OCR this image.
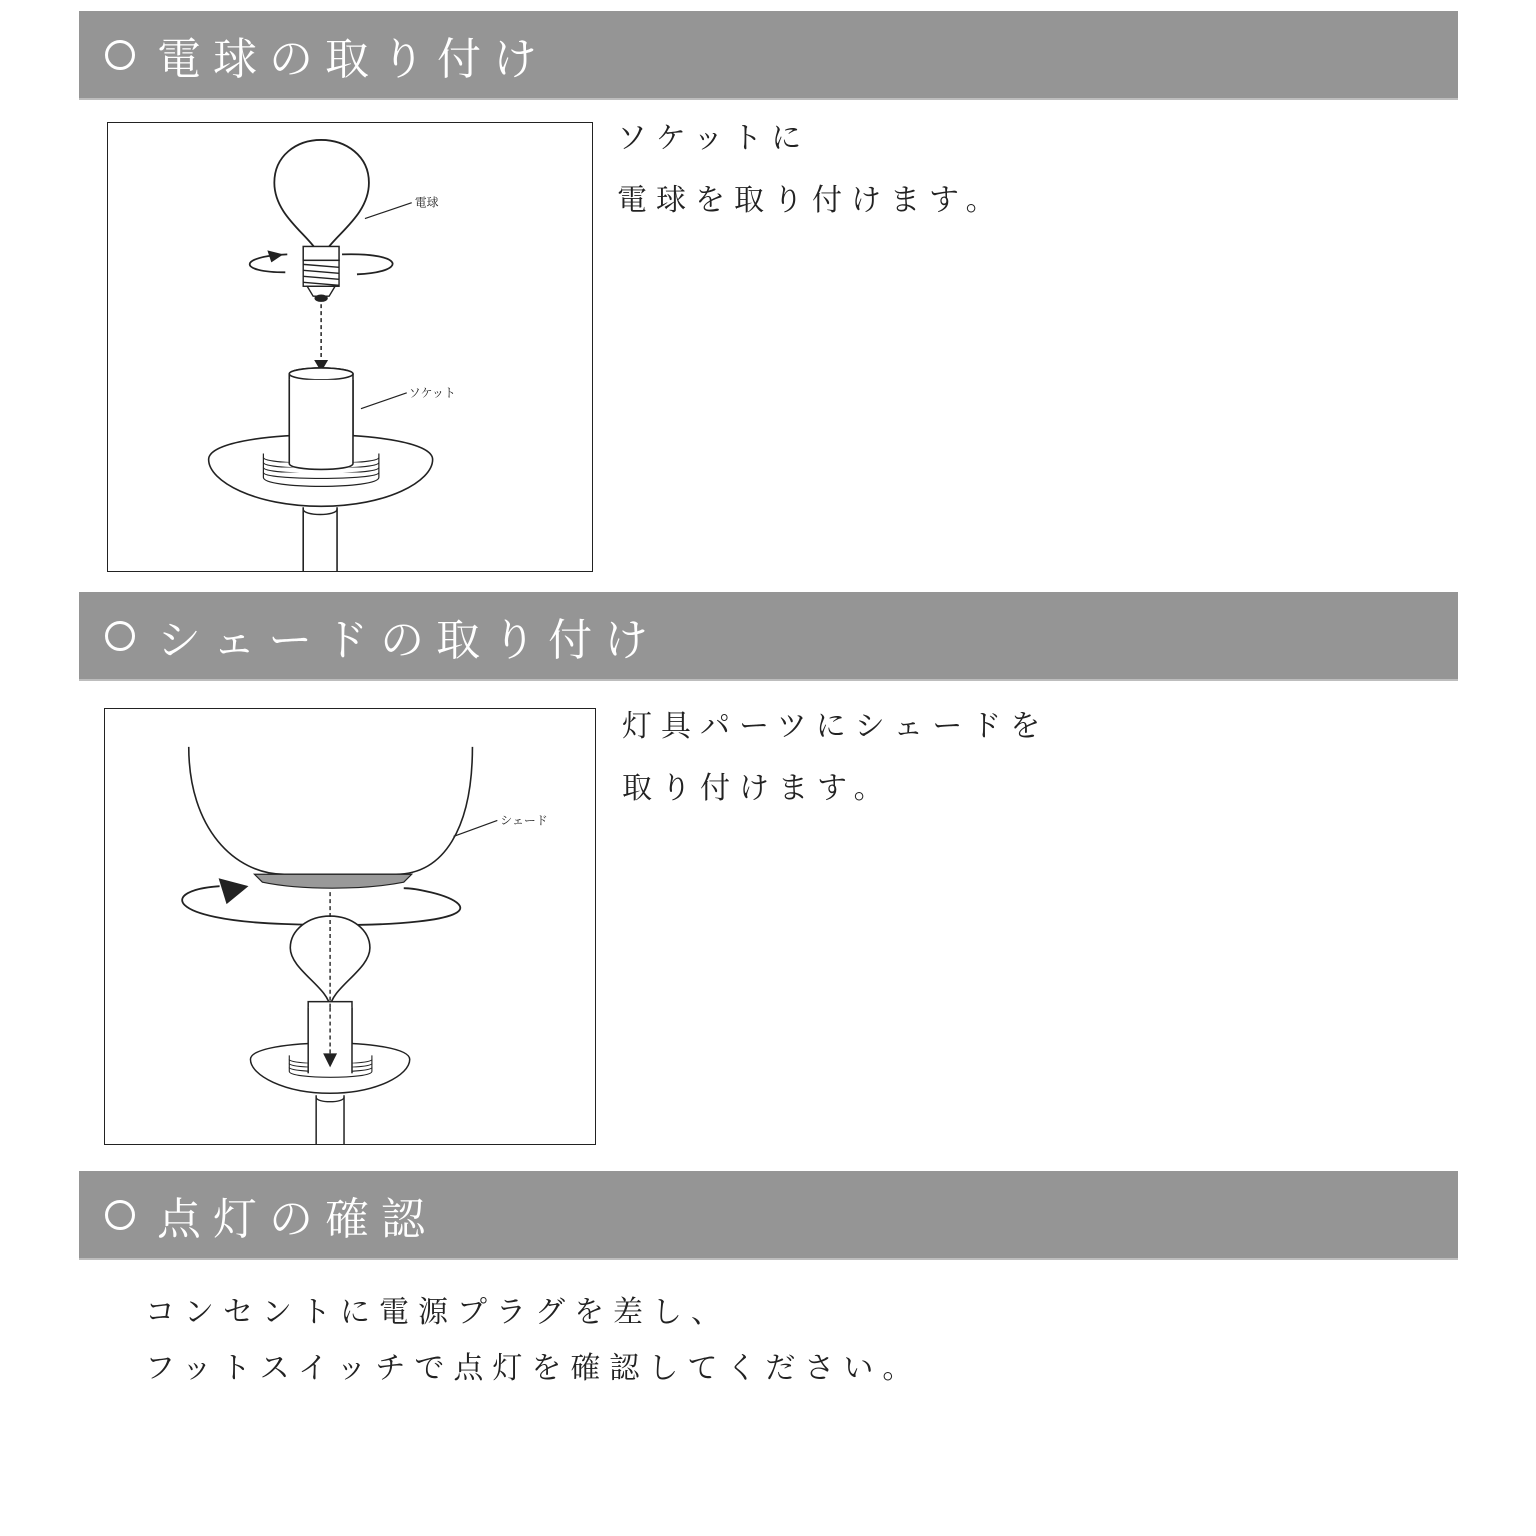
電球の取り付け
電球
ソケット
ソケットに
電球を取り付けます。
シェードの取り付け
シェード
灯具パーツにシェードを
取り付けます。
点灯の確認
コンセントに電源プラグを差し、
フットスイッチで点灯を確認してください。
